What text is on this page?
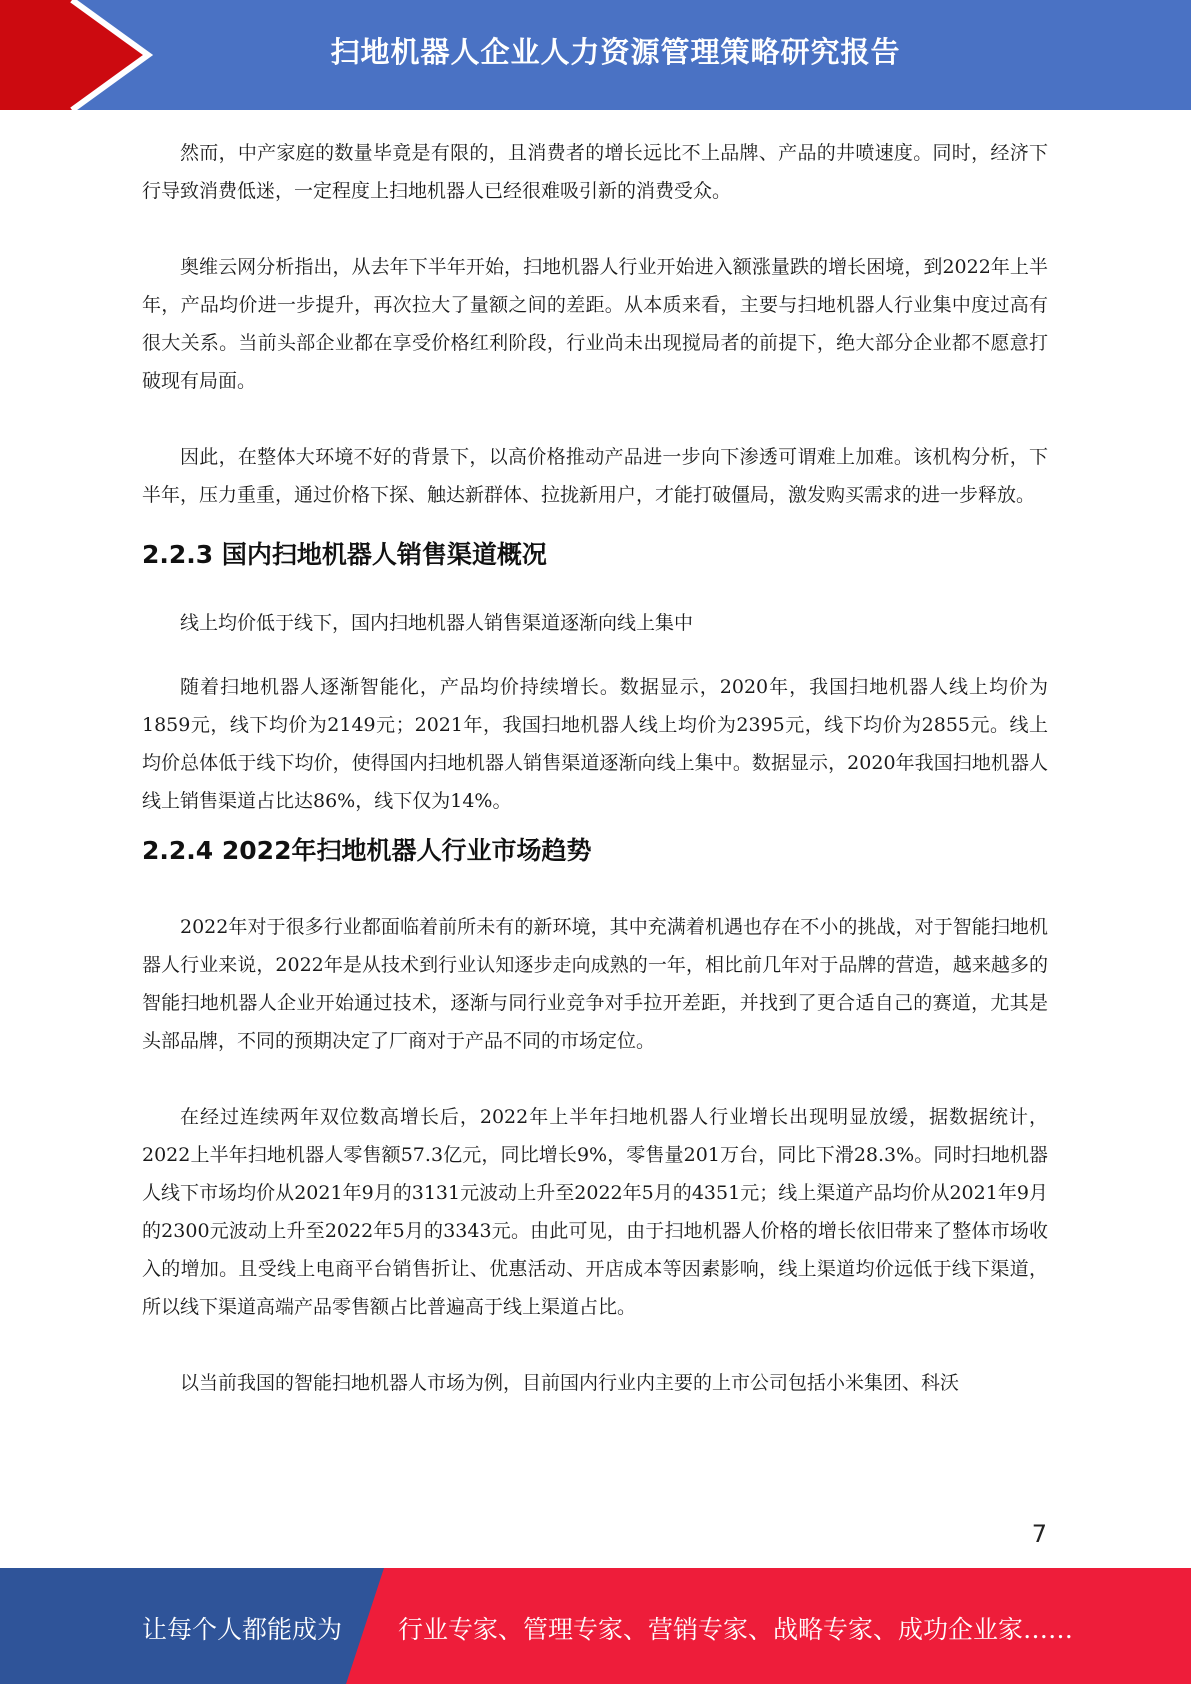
扫地机器人企业人力资源管理策略研究报告

然而，中产家庭的数量毕竟是有限的，且消费者的增长远比不上品牌、产品的井喷速度。同时，经济下行导致消费低迷，一定程度上扫地机器人已经很难吸引新的消费受众。

奥维云网分析指出，从去年下半年开始，扫地机器人行业开始进入额涨量跌的增长困境，到2022年上半年，产品均价进一步提升，再次拉大了量额之间的差距。从本质来看，主要与扫地机器人行业集中度过高有很大关系。当前头部企业都在享受价格红利阶段，行业尚未出现搅局者的前提下，绝大部分企业都不愿意打破现有局面。

因此，在整体大环境不好的背景下，以高价格推动产品进一步向下渗透可谓难上加难。该机构分析，下半年，压力重重，通过价格下探、触达新群体、拉拢新用户，才能打破僵局，激发购买需求的进一步释放。

2.2.3 国内扫地机器人销售渠道概况

线上均价低于线下，国内扫地机器人销售渠道逐渐向线上集中

随着扫地机器人逐渐智能化，产品均价持续增长。数据显示，2020年，我国扫地机器人线上均价为1859元，线下均价为2149元；2021年，我国扫地机器人线上均价为2395元，线下均价为2855元。线上均价总体低于线下均价，使得国内扫地机器人销售渠道逐渐向线上集中。数据显示，2020年我国扫地机器人线上销售渠道占比达86%，线下仅为14%。

2.2.4 2022年扫地机器人行业市场趋势

2022年对于很多行业都面临着前所未有的新环境，其中充满着机遇也存在不小的挑战，对于智能扫地机器人行业来说，2022年是从技术到行业认知逐步走向成熟的一年，相比前几年对于品牌的营造，越来越多的智能扫地机器人企业开始通过技术，逐渐与同行业竞争对手拉开差距，并找到了更合适自己的赛道，尤其是头部品牌，不同的预期决定了厂商对于产品不同的市场定位。

在经过连续两年双位数高增长后，2022年上半年扫地机器人行业增长出现明显放缓，据数据统计，2022上半年扫地机器人零售额57.3亿元，同比增长9%，零售量201万台，同比下滑28.3%。同时扫地机器人线下市场均价从2021年9月的3131元波动上升至2022年5月的4351元；线上渠道产品均价从2021年9月的2300元波动上升至2022年5月的3343元。由此可见，由于扫地机器人价格的增长依旧带来了整体市场收入的增加。且受线上电商平台销售折让、优惠活动、开店成本等因素影响，线上渠道均价远低于线下渠道，所以线下渠道高端产品零售额占比普遍高于线上渠道占比。

以当前我国的智能扫地机器人市场为例，目前国内行业内主要的上市公司包括小米集团、科沃

7
让每个人都能成为 行业专家、管理专家、营销专家、战略专家、成功企业家……
